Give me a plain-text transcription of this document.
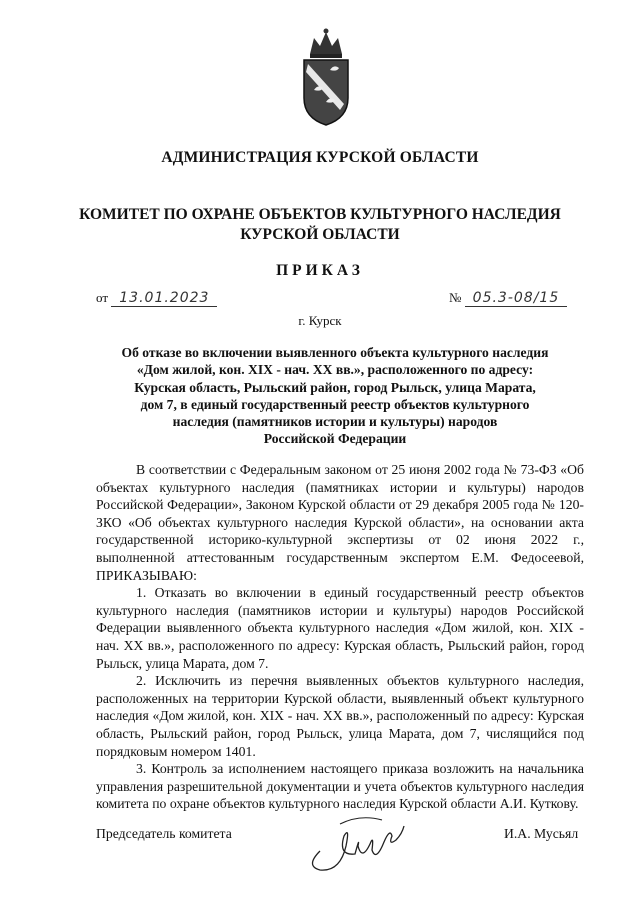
АДМИНИСТРАЦИЯ КУРСКОЙ ОБЛАСТИ
КОМИТЕТ ПО ОХРАНЕ ОБЪЕКТОВ КУЛЬТУРНОГО НАСЛЕДИЯ
КУРСКОЙ ОБЛАСТИ
ПРИКАЗ
от 13.01.2023	№ 05.3-08/15
г. Курск
Об отказе во включении выявленного объекта культурного наследия
«Дом жилой, кон. XIX - нач. XX вв.», расположенного по адресу:
Курская область, Рыльский район, город Рыльск, улица Марата,
дом 7, в единый государственный реестр объектов культурного
наследия (памятников истории и культуры) народов
Российской Федерации

В соответствии с Федеральным законом от 25 июня 2002 года № 73-ФЗ «Об объектах культурного наследия (памятниках истории и культуры) народов Российской Федерации», Законом Курской области от 29 декабря 2005 года № 120-ЗКО «Об объектах культурного наследия Курской области», на основании акта государственной историко-культурной экспертизы от 02 июня 2022 г., выполненной аттестованным государственным экспертом Е.М. Федосеевой, ПРИКАЗЫВАЮ:

1. Отказать во включении в единый государственный реестр объектов культурного наследия (памятников истории и культуры) народов Российской Федерации выявленного объекта культурного наследия «Дом жилой, кон. XIX - нач. XX вв.», расположенного по адресу: Курская область, Рыльский район, город Рыльск, улица Марата, дом 7.

2. Исключить из перечня выявленных объектов культурного наследия, расположенных на территории Курской области, выявленный объект культурного наследия «Дом жилой, кон. XIX - нач. XX вв.», расположенный по адресу: Курская область, Рыльский район, город Рыльск, улица Марата, дом 7, числящийся под порядковым номером 1401.

3. Контроль за исполнением настоящего приказа возложить на начальника управления разрешительной документации и учета объектов культурного наследия комитета по охране объектов культурного наследия Курской области А.И. Куткову.

Председатель комитета	И.А. Мусьял
